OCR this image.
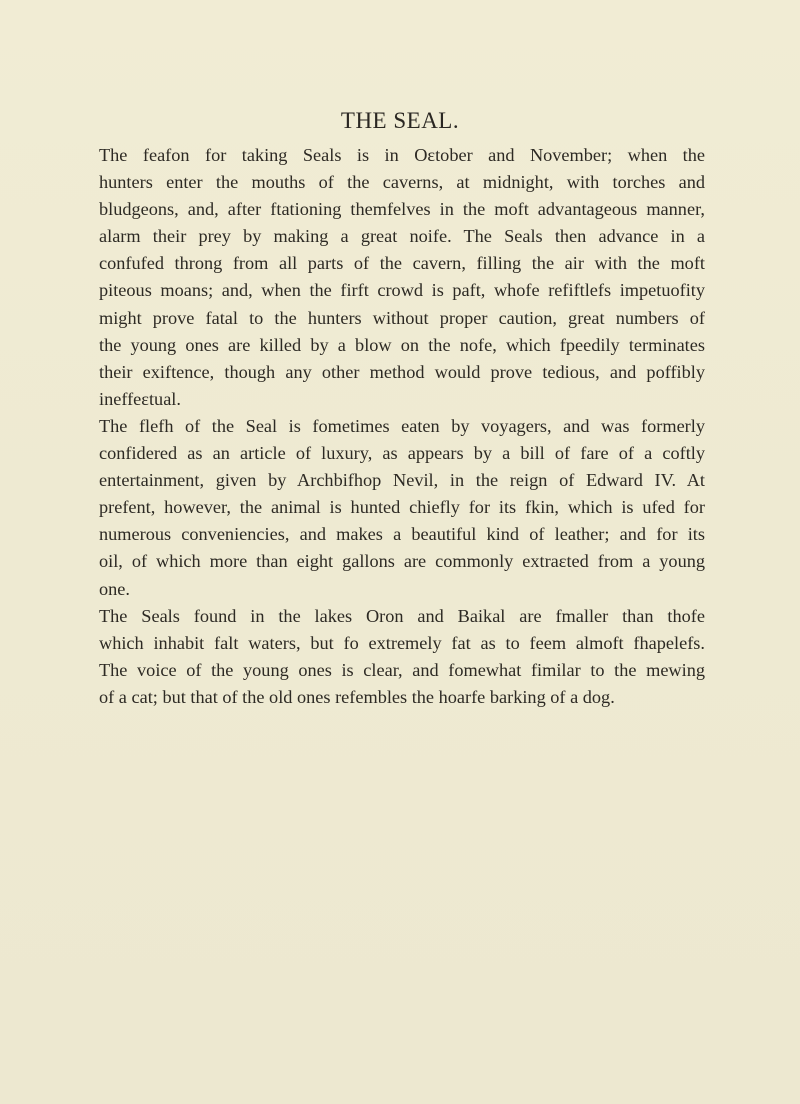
THE SEAL.

The feafon for taking Seals is in Oɛtober and November; when the
hunters enter the mouths of the caverns, at midnight, with torches and
bludgeons, and, after ftationing themfelves in the moft advantageous manner,
alarm their prey by making a great noife. The Seals then advance in a
confufed throng from all parts of the cavern, filling the air with the moft
piteous moans; and, when the firft crowd is paft, whofe refiftlefs impetuofity
might prove fatal to the hunters without proper caution, great numbers of
the young ones are killed by a blow on the nofe, which fpeedily terminates
their exiftence, though any other method would prove tedious, and poffibly
ineffeɛtual.

The flefh of the Seal is fometimes eaten by voyagers, and was formerly
confidered as an article of luxury, as appears by a bill of fare of a coftly
entertainment, given by Archbifhop Nevil, in the reign of Edward IV. At
prefent, however, the animal is hunted chiefly for its fkin, which is ufed for
numerous conveniencies, and makes a beautiful kind of leather; and for its
oil, of which more than eight gallons are commonly extraɛted from a young
one.

The Seals found in the lakes Oron and Baikal are fmaller than thofe
which inhabit falt waters, but fo extremely fat as to feem almoft fhapelefs.
The voice of the young ones is clear, and fomewhat fimilar to the mewing
of a cat; but that of the old ones refembles the hoarfe barking of a dog.
